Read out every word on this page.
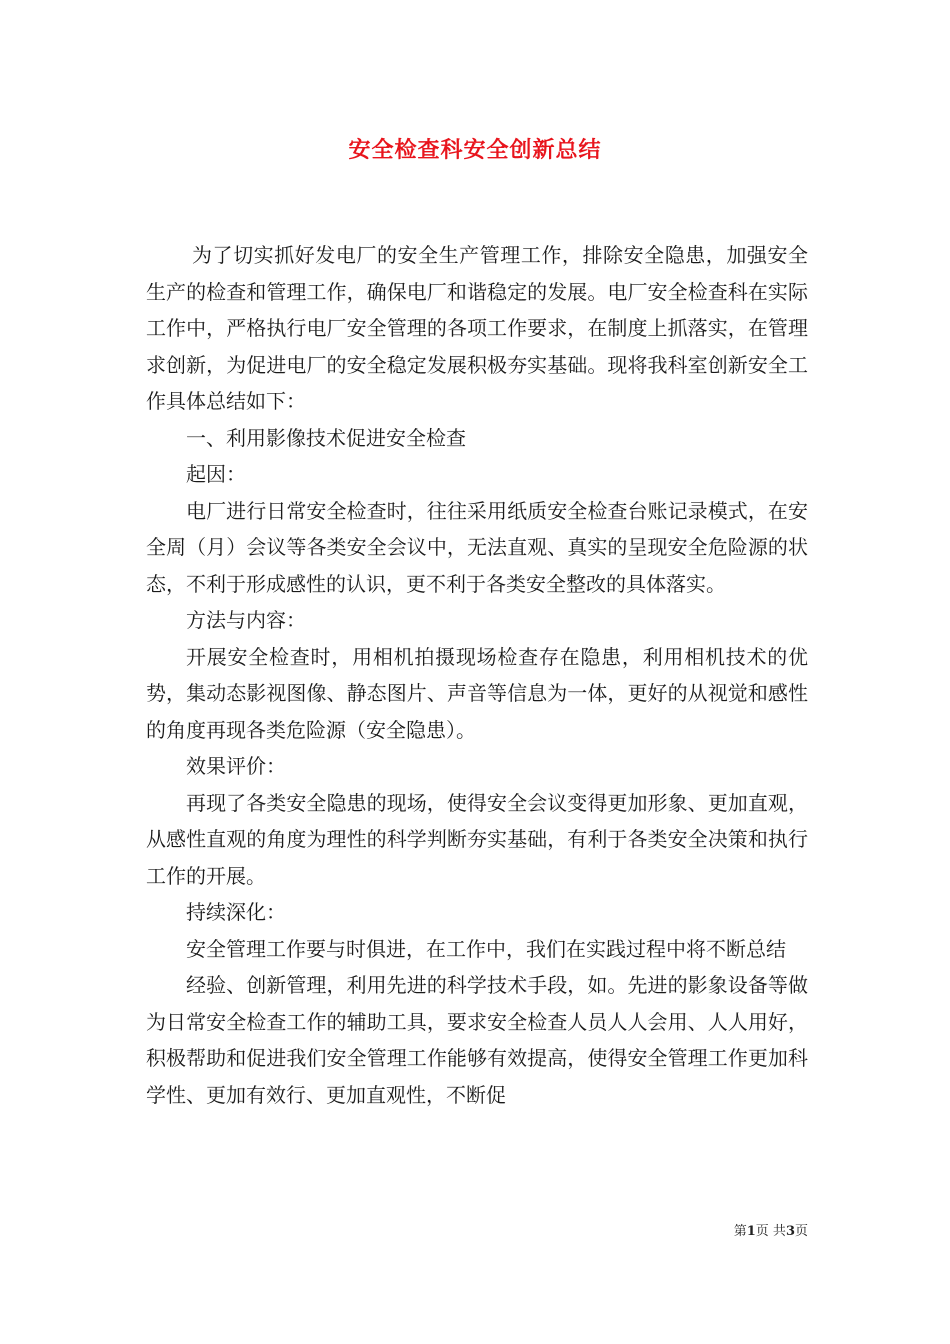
安全检查科安全创新总结

为了切实抓好发电厂的安全生产管理工作，排除安全隐患，加强安全生产的检查和管理工作，确保电厂和谐稳定的发展。电厂安全检查科在实际工作中，严格执行电厂安全管理的各项工作要求，在制度上抓落实，在管理求创新，为促进电厂的安全稳定发展积极夯实基础。现将我科室创新安全工作具体总结如下：

一、利用影像技术促进安全检查

起因：

电厂进行日常安全检查时，往往采用纸质安全检查台账记录模式，在安全周（月）会议等各类安全会议中，无法直观、真实的呈现安全危险源的状态，不利于形成感性的认识，更不利于各类安全整改的具体落实。

方法与内容：

开展安全检查时，用相机拍摄现场检查存在隐患，利用相机技术的优势，集动态影视图像、静态图片、声音等信息为一体，更好的从视觉和感性的角度再现各类危险源（安全隐患）。

效果评价：

再现了各类安全隐患的现场，使得安全会议变得更加形象、更加直观，从感性直观的角度为理性的科学判断夯实基础，有利于各类安全决策和执行工作的开展。

持续深化：

安全管理工作要与时俱进，在工作中，我们在实践过程中将不断总结

经验、创新管理，利用先进的科学技术手段，如。先进的影象设备等做为日常安全检查工作的辅助工具，要求安全检查人员人人会用、人人用好，积极帮助和促进我们安全管理工作能够有效提高，使得安全管理工作更加科学性、更加有效行、更加直观性，不断促

第1页 共3页
